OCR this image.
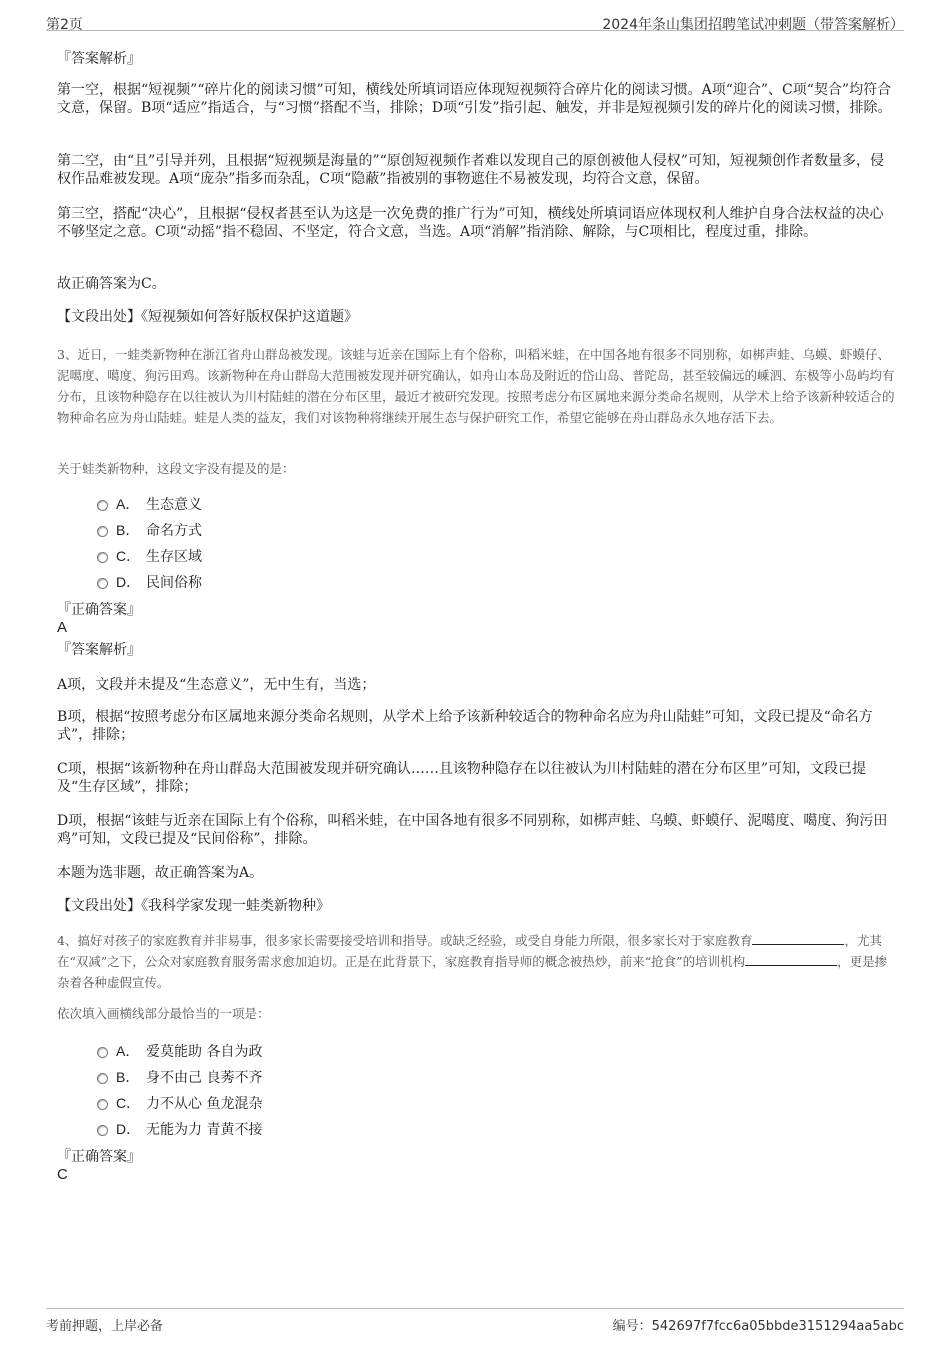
第2页	2024年条山集团招聘笔试冲刺题（带答案解析）

『答案解析』

第一空，根据“短视频”“碎片化的阅读习惯”可知，横线处所填词语应体现短视频符合碎片化的阅读习惯。A项“迎合”、C项“契合”均符合文意，保留。B项“适应”指适合，与“习惯”搭配不当，排除；D项“引发”指引起、触发，并非是短视频引发的碎片化的阅读习惯，排除。

第二空，由“且”引导并列，且根据“短视频是海量的”“原创短视频作者难以发现自己的原创被他人侵权”可知，短视频创作者数量多，侵权作品难被发现。A项“庞杂”指多而杂乱，C项“隐蔽”指被别的事物遮住不易被发现，均符合文意，保留。

第三空，搭配“决心”，且根据“侵权者甚至认为这是一次免费的推广行为”可知，横线处所填词语应体现权利人维护自身合法权益的决心不够坚定之意。C项“动摇”指不稳固、不坚定，符合文意，当选。A项“消解”指消除、解除，与C项相比，程度过重，排除。

故正确答案为C。

【文段出处】《短视频如何答好版权保护这道题》

3、近日，一蛙类新物种在浙江省舟山群岛被发现。该蛙与近亲在国际上有个俗称，叫稻米蛙，在中国各地有很多不同别称，如梆声蛙、乌蟆、虾蟆仔、泥噶度、噶度、狗污田鸡。该新物种在舟山群岛大范围被发现并研究确认，如舟山本岛及附近的岱山岛、普陀岛，甚至较偏远的嵊泗、东极等小岛屿均有分布，且该物种隐存在以往被认为川村陆蛙的潜在分布区里，最近才被研究发现。按照考虑分布区属地来源分类命名规则，从学术上给予该新种较适合的物种命名应为舟山陆蛙。蛙是人类的益友，我们对该物种将继续开展生态与保护研究工作，希望它能够在舟山群岛永久地存活下去。

关于蛙类新物种，这段文字没有提及的是：

A． 生态意义
B． 命名方式
C． 生存区域
D． 民间俗称

『正确答案』

A

『答案解析』

A项，文段并未提及“生态意义”，无中生有，当选；

B项，根据“按照考虑分布区属地来源分类命名规则，从学术上给予该新种较适合的物种命名应为舟山陆蛙”可知，文段已提及“命名方式”，排除；

C项，根据“该新物种在舟山群岛大范围被发现并研究确认……且该物种隐存在以往被认为川村陆蛙的潜在分布区里”可知，文段已提及“生存区域”，排除；

D项，根据“该蛙与近亲在国际上有个俗称，叫稻米蛙，在中国各地有很多不同别称，如梆声蛙、乌蟆、虾蟆仔、泥噶度、噶度、狗污田鸡”可知，文段已提及“民间俗称”，排除。

本题为选非题，故正确答案为A。

【文段出处】《我科学家发现一蛙类新物种》

4、搞好对孩子的家庭教育并非易事，很多家长需要接受培训和指导。或缺乏经验，或受自身能力所限，很多家长对于家庭教育	，尤其在“双减”之下，公众对家庭教育服务需求愈加迫切。正是在此背景下，家庭教育指导师的概念被热炒，前来“抢食”的培训机构	，更是掺杂着各种虚假宣传。

依次填入画横线部分最恰当的一项是：

A． 爱莫能助 各自为政
B． 身不由己 良莠不齐
C． 力不从心 鱼龙混杂
D． 无能为力 青黄不接

『正确答案』

C

考前押题，上岸必备	编号：542697f7fcc6a05bbde3151294aa5abc
